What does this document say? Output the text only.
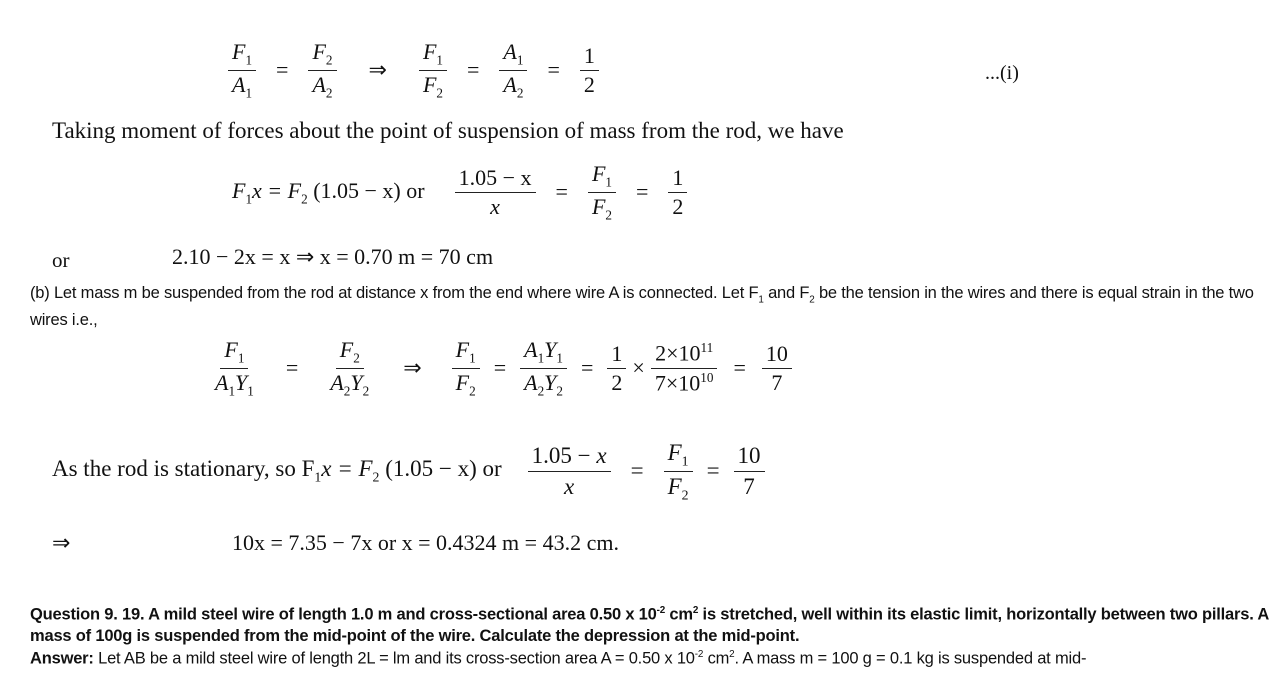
$\frac{F_1}{A_1} = \frac{F_2}{A_2}$ ⇒ $\frac{F_1}{F_2} = \frac{A_1}{A_2} = \frac{1}{2}$	...(i)
Taking moment of forces about the point of suspension of mass from the rod, we have
$F_1x = F_2$ (1.05 − x) or $\frac{1.05 - x}{x} = \frac{F_1}{F_2} = \frac{1}{2}$
or	2.10 − 2x = x ⇒ x = 0.70 m = 70 cm
(b) Let mass m be suspended from the rod at distance x from the end where wire A is connected. Let $F_1$ and $F_2$ be the tension in the wires and there is equal strain in the two wires i.e.,
$\frac{F_1}{A_1Y_1} = \frac{F_2}{A_2Y_2}$ ⇒ $\frac{F_1}{F_2} = \frac{A_1Y_1}{A_2Y_2} = \frac{1}{2} \times \frac{2\times 10^{11}}{7\times 10^{10}} = \frac{10}{7}$
As the rod is stationary, so $F_1x = F_2$ (1.05 − x) or $\frac{1.05 - x}{x} = \frac{F_1}{F_2} = \frac{10}{7}$
⇒	10x = 7.35 − 7x or x = 0.4324 m = 43.2 cm.
Question 9. 19. A mild steel wire of length 1.0 m and cross-sectional area 0.50 x $10^{-2}$ $cm^2$ is stretched, well within its elastic limit, horizontally between two pillars. A mass of 100g is suspended from the mid-point of the wire. Calculate the depression at the mid-point.
Answer: Let AB be a mild steel wire of length 2L = lm and its cross-section area A = 0.50 x $10^{-2}$ $cm^2$. A mass m = 100 g = 0.1 kg is suspended at mid-
